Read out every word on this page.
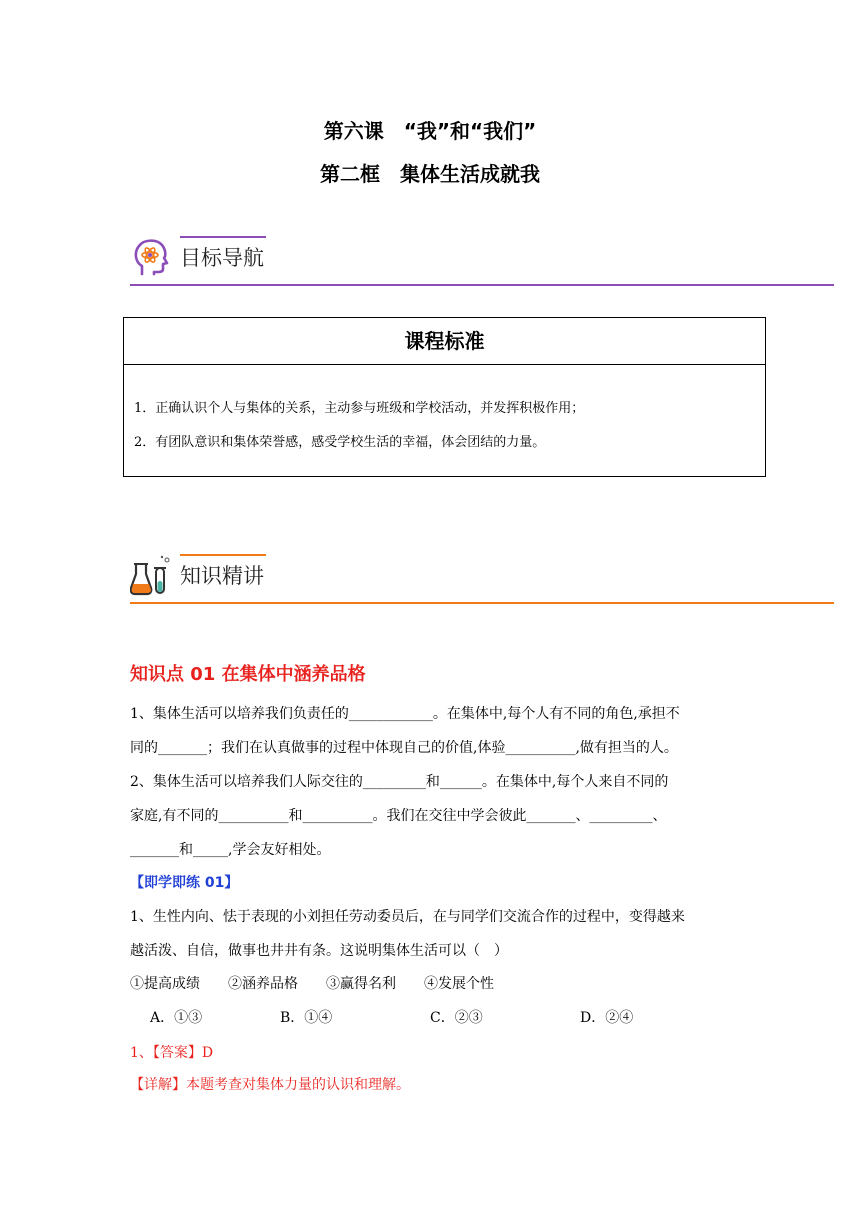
第六课　“我”和“我们”
第二框　集体生活成就我
目标导航
课程标准
1．正确认识个人与集体的关系，主动参与班级和学校活动，并发挥积极作用；
2．有团队意识和集体荣誉感，感受学校生活的幸福，体会团结的力量。
知识精讲
知识点 01 在集体中涵养品格
1、集体生活可以培养我们负责任的____________。在集体中,每个人有不同的角色,承担不
同的_______；我们在认真做事的过程中体现自己的价值,体验__________,做有担当的人。
2、集体生活可以培养我们人际交往的_________和______。在集体中,每个人来自不同的
家庭,有不同的__________和__________。我们在交往中学会彼此_______、_________、
_______和_____,学会友好相处。
【即学即练 01】
1、生性内向、怯于表现的小刘担任劳动委员后，在与同学们交流合作的过程中，变得越来
越活泼、自信，做事也井井有条。这说明集体生活可以（　）
①提高成绩　　②涵养品格　　③赢得名利　　④发展个性
A．①③	B．①④	C．②③	D．②④
1、【答案】D
【详解】本题考查对集体力量的认识和理解。
